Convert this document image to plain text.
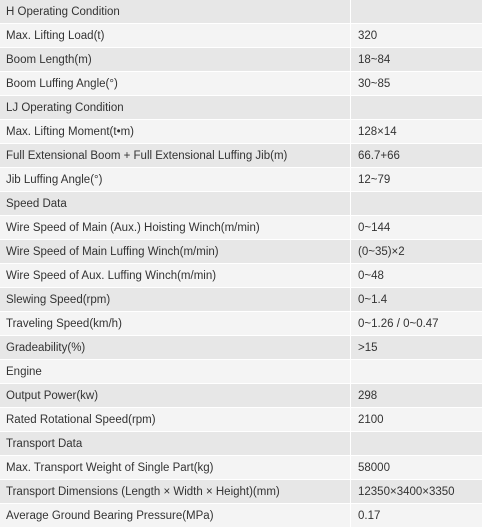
H Operating Condition	
Max. Lifting Load(t)	320
Boom Length(m)	18~84
Boom Luffing Angle(°)	30~85
LJ Operating Condition	
Max. Lifting Moment(t•m)	128×14
Full Extensional Boom + Full Extensional Luffing Jib(m)	66.7+66
Jib Luffing Angle(°)	12~79
Speed Data	
Wire Speed of Main (Aux.) Hoisting Winch(m/min)	0~144
Wire Speed of Main Luffing Winch(m/min)	(0~35)×2
Wire Speed of Aux. Luffing Winch(m/min)	0~48
Slewing Speed(rpm)	0~1.4
Traveling Speed(km/h)	0~1.26 / 0~0.47
Gradeability(%)	>15
Engine	
Output Power(kw)	298
Rated Rotational Speed(rpm)	2100
Transport Data	
Max. Transport Weight of Single Part(kg)	58000
Transport Dimensions (Length × Width × Height)(mm)	12350×3400×3350
Average Ground Bearing Pressure(MPa)	0.17
